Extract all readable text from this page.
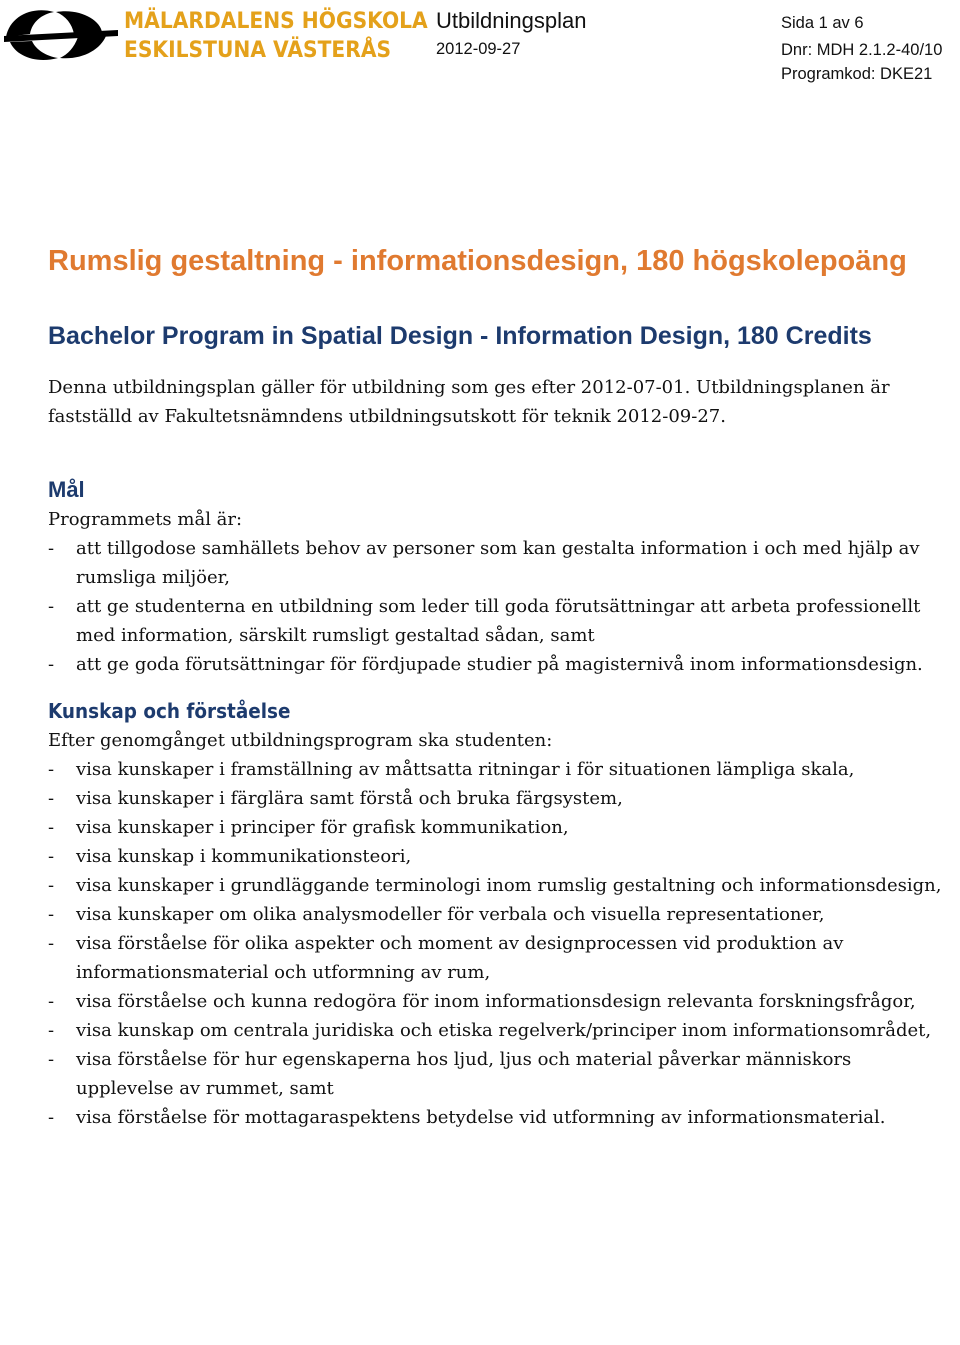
MÄLARDALENS HÖGSKOLA
ESKILSTUNA VÄSTERÅS
Utbildningsplan
2012-09-27
Sida 1 av 6
Dnr: MDH 2.1.2-40/10
Programkod: DKE21
Rumslig gestaltning - informationsdesign, 180 högskolepoäng
Bachelor Program in Spatial Design - Information Design, 180 Credits

Denna utbildningsplan gäller för utbildning som ges efter 2012-07-01. Utbildningsplanen är fastställd av Fakultetsnämndens utbildningsutskott för teknik 2012-09-27.

Mål

Programmets mål är:

- att tillgodose samhällets behov av personer som kan gestalta information i och med hjälp av rumsliga miljöer,
- att ge studenterna en utbildning som leder till goda förutsättningar att arbeta professionellt med information, särskilt rumsligt gestaltad sådan, samt
- att ge goda förutsättningar för fördjupade studier på magisternivå inom informationsdesign.
Kunskap och förståelse

Efter genomgånget utbildningsprogram ska studenten:

- visa kunskaper i framställning av måttsatta ritningar i för situationen lämpliga skala,
- visa kunskaper i färglära samt förstå och bruka färgsystem,
- visa kunskaper i principer för grafisk kommunikation,
- visa kunskap i kommunikationsteori,
- visa kunskaper i grundläggande terminologi inom rumslig gestaltning och informationsdesign,
- visa kunskaper om olika analysmodeller för verbala och visuella representationer,
- visa förståelse för olika aspekter och moment av designprocessen vid produktion av informationsmaterial och utformning av rum,
- visa förståelse och kunna redogöra för inom informationsdesign relevanta forskningsfrågor,
- visa kunskap om centrala juridiska och etiska regelverk/principer inom informationsområdet,
- visa förståelse för hur egenskaperna hos ljud, ljus och material påverkar människors upplevelse av rummet, samt
- visa förståelse för mottagaraspektens betydelse vid utformning av informationsmaterial.
